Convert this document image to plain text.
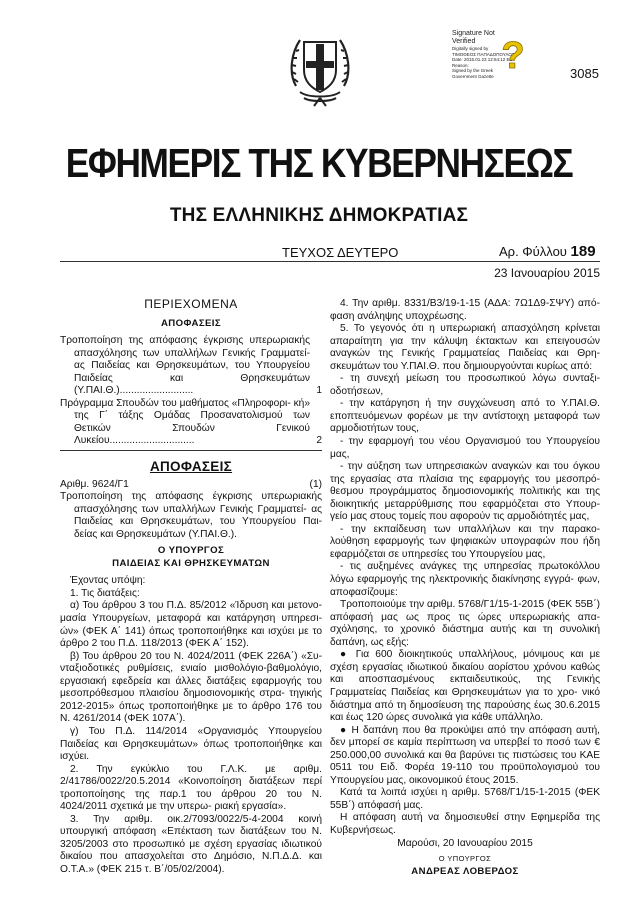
Signature Not
Verified
Digitally signed by
ΤΙΜΟΘΕΟΣ ΠΑΠΑΔΟΠΟΥΛΟΣ
Date: 2015.01.23 12:54:12 EET
Reason:
Signed by the Greek
Government Gazette ?	3085
ΕΦΗΜΕΡΙΣ ΤΗΣ ΚΥΒΕΡΝΗΣΕΩΣ
ΤΗΣ ΕΛΛΗΝΙΚΗΣ ΔΗΜΟΚΡΑΤΙΑΣ
ΤΕΥΧΟΣ ΔΕΥΤΕΡΟ	Αρ. Φύλλου 189
23 Ιανουαρίου 2015
ΠΕΡΙΕΧΟΜΕΝΑ
ΑΠΟΦΑΣΕΙΣ
Τροποποίηση της απόφασης έγκρισης υπερωριακής απασχόλησης των υπαλλήλων Γενικής Γραμματεί- ας Παιδείας και Θρησκευμάτων, του Υπουργείου Παιδείας και Θρησκευμάτων (Υ.ΠΑΙ.Θ.)..........................	1
Πρόγραμμα Σπουδών του μαθήματος «Πληροφορι- κή» της Γ΄ τάξης Ομάδας Προσανατολισμού των Θετικών Σπουδών Γενικού Λυκείου..............................	2
ΑΠΟΦΑΣΕΙΣ
Αριθμ. 9624/Γ1	(1)
Τροποποίηση της απόφασης έγκρισης υπερωριακής απασχόλησης των υπαλλήλων Γενικής Γραμματεί- ας Παιδείας και Θρησκευμάτων, του Υπουργείου Παι- δείας και Θρησκευμάτων (Υ.ΠΑΙ.Θ.).
Ο ΥΠΟΥΡΓΟΣ
ΠΑΙΔΕΙΑΣ ΚΑΙ ΘΡΗΣΚΕΥΜΑΤΩΝ

Έχοντας υπόψη:

1. Τις διατάξεις:

α) Του άρθρου 3 του Π.Δ. 85/2012 «Ίδρυση και μετονο- μασία Υπουργείων, μεταφορά και κατάργηση υπηρεσι- ών» (ΦΕΚ Α΄ 141) όπως τροποποιήθηκε και ισχύει με το άρθρο 2 του Π.Δ. 118/2013 (ΦΕΚ Α΄ 152).

β) Του άρθρου 20 του Ν. 4024/2011 (ΦΕΚ 226Α΄) «Συ- νταξιοδοτικές ρυθμίσεις, ενιαίο μισθολόγιο-βαθμολόγιο, εργασιακή εφεδρεία και άλλες διατάξεις εφαρμογής του μεσοπρόθεσμου πλαισίου δημοσιονομικής στρα- τηγικής 2012-2015» όπως τροποποιήθηκε με το άρθρο 176 του Ν. 4261/2014 (ΦΕΚ 107Α΄).

γ) Του Π.Δ. 114/2014 «Οργανισμός Υπουργείου Παιδείας και Θρησκευμάτων» όπως τροποποιήθηκε και ισχύει.

2. Την εγκύκλιο του Γ.Λ.Κ. με αριθμ. 2/41786/0022/20.5.2014 «Κοινοποίηση διατάξεων περί τροποποίησης της παρ.1 του άρθρου 20 του Ν. 4024/2011 σχετικά με την υπερω- ριακή εργασία».

3. Την αριθμ. οικ.2/7093/0022/5-4-2004 κοινή υπουργική απόφαση «Επέκταση των διατάξεων του Ν. 3205/2003 στο προσωπικό με σχέση εργασίας ιδιωτικού δικαίου που απασχολείται στο Δημόσιο, Ν.Π.Δ.Δ. και Ο.Τ.Α.» (ΦΕΚ 215 τ. Β΄/05/02/2004).

4. Την αριθμ. 8331/Β3/19-1-15 (ΑΔΑ: 7Ω1Δ9-ΣΨΥ) από- φαση ανάληψης υποχρέωσης.

5. Το γεγονός ότι η υπερωριακή απασχόληση κρίνεται απαραίτητη για την κάλυψη έκτακτων και επειγουσών αναγκών της Γενικής Γραμματείας Παιδείας και Θρη- σκευμάτων του Υ.ΠΑΙ.Θ. που δημιουργούνται κυρίως από:

- τη συνεχή μείωση του προσωπικού λόγω συνταξι- οδοτήσεων,

- την κατάργηση ή την συγχώνευση από το Υ.ΠΑΙ.Θ. εποπτευόμενων φορέων με την αντίστοιχη μεταφορά των αρμοδιοτήτων τους,

- την εφαρμογή του νέου Οργανισμού του Υπουργείου μας,

- την αύξηση των υπηρεσιακών αναγκών και του όγκου της εργασίας στα πλαίσια της εφαρμογής του μεσοπρό- θεσμου προγράμματος δημοσιονομικής πολιτικής και της διοικητικής μεταρρύθμισης που εφαρμόζεται στο Υπουρ- γείο μας στους τομείς που αφορούν τις αρμοδιότητές μας,

- την εκπαίδευση των υπαλλήλων και την παρακο- λούθηση εφαρμογής των ψηφιακών υπογραφών που ήδη εφαρμόζεται σε υπηρεσίες του Υπουργείου μας,

- τις αυξημένες ανάγκες της υπηρεσίας πρωτοκόλλου λόγω εφαρμογής της ηλεκτρονικής διακίνησης εγγρά- φων, αποφασίζουμε:

Τροποποιούμε την αριθμ. 5768/Γ1/15-1-2015 (ΦΕΚ 55Β΄) απόφασή μας ως προς τις ώρες υπερωριακής απα- σχόλησης, το χρονικό διάστημα αυτής και τη συνολική δαπάνη, ως εξής:

● Για 600 διοικητικούς υπαλλήλους, μόνιμους και με σχέση εργασίας ιδιωτικού δικαίου αορίστου χρόνου καθώς και αποσπασμένους εκπαιδευτικούς, της Γενικής Γραμματείας Παιδείας και Θρησκευμάτων για το χρο- νικό διάστημα από τη δημοσίευση της παρούσης έως 30.6.2015 και έως 120 ώρες συνολικά για κάθε υπάλληλο.

● Η δαπάνη που θα προκύψει από την απόφαση αυτή, δεν μπορεί σε καμία περίπτωση να υπερβεί το ποσό των € 250.000,00 συνολικά και θα βαρύνει τις πιστώσεις του ΚΑΕ 0511 του Ειδ. Φορέα 19-110 του προϋπολογισμού του Υπουργείου μας, οικονομικού έτους 2015.

Κατά τα λοιπά ισχύει η αριθμ. 5768/Γ1/15-1-2015 (ΦΕΚ 55Β΄) απόφασή μας.

Η απόφαση αυτή να δημοσιευθεί στην Εφημερίδα της Κυβερνήσεως.

Μαρούσι, 20 Ιανουαρίου 2015
Ο ΥΠΟΥΡΓΟΣ
ΑΝΔΡΕΑΣ ΛΟΒΕΡΔΟΣ
